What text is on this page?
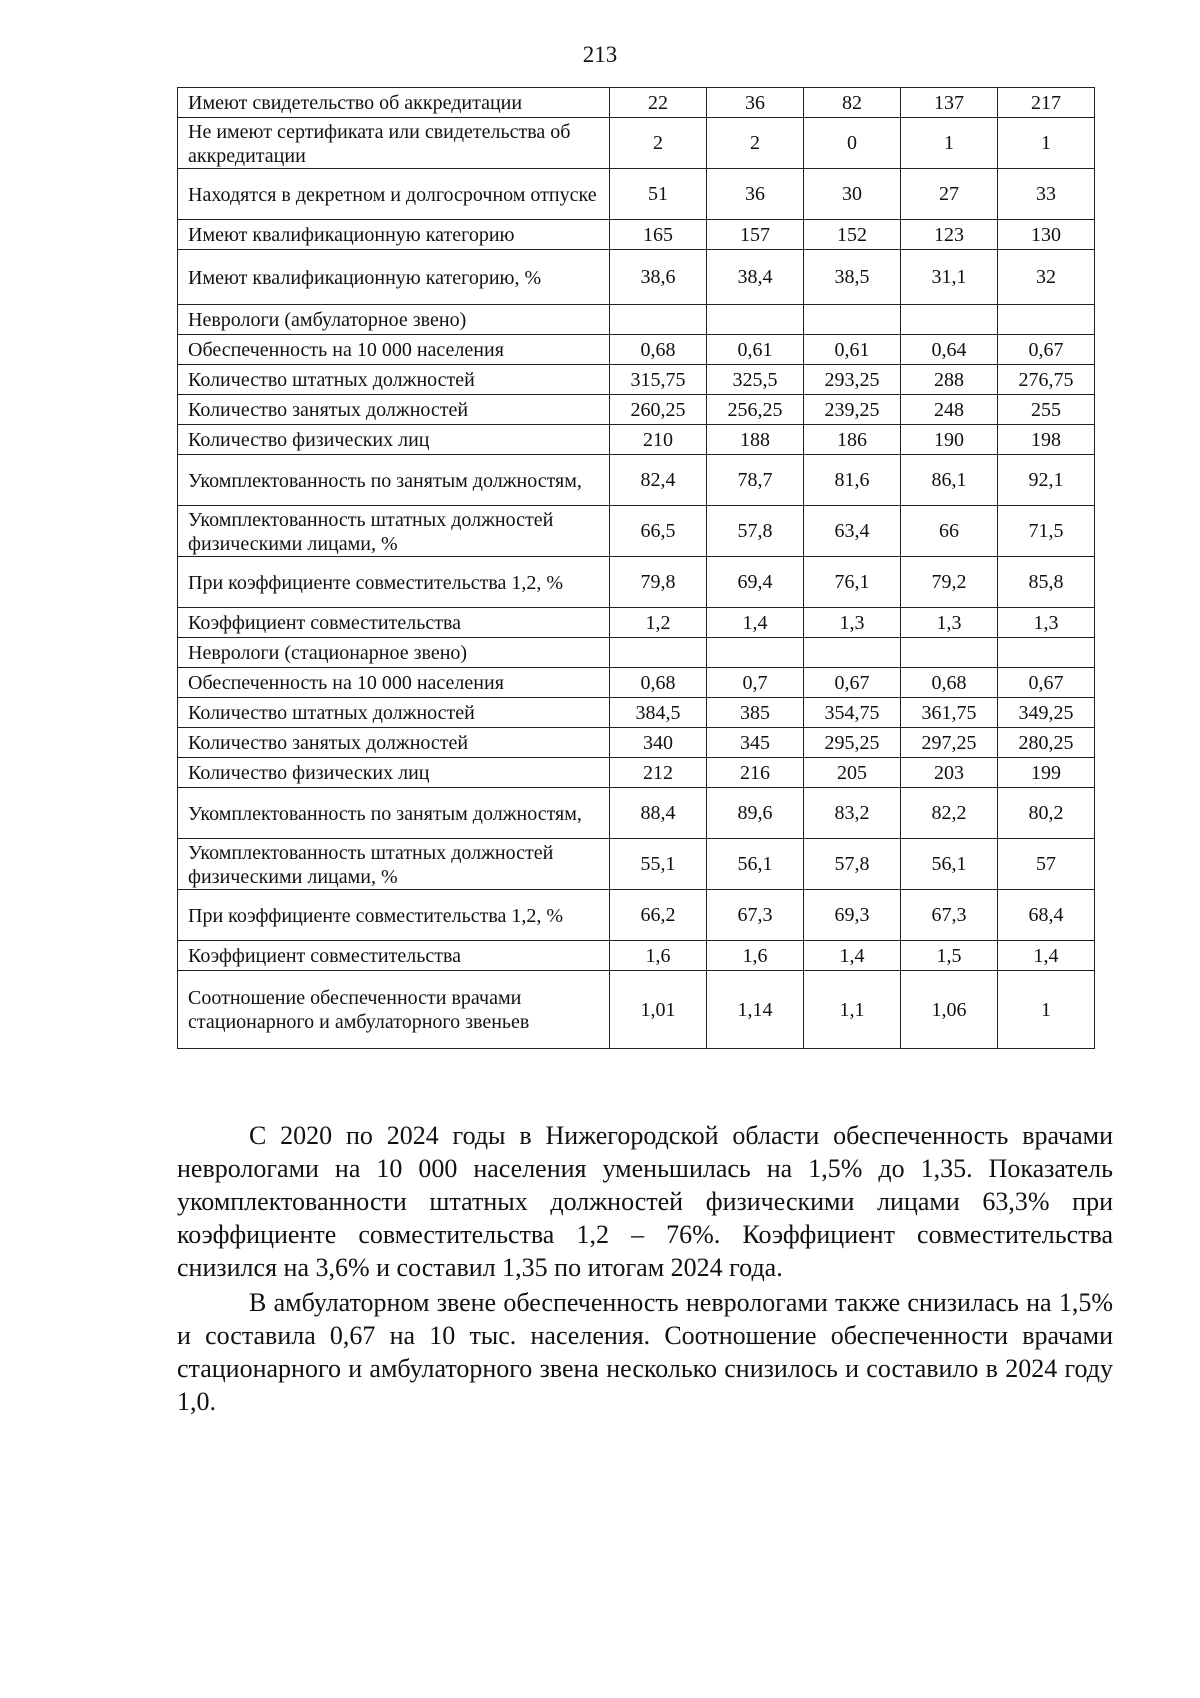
213
Имеют свидетельство об аккредитации	22	36	82	137	217
Не имеют сертификата или свидетельства об аккредитации	2	2	0	1	1
Находятся в декретном и долгосрочном отпуске	51	36	30	27	33
Имеют квалификационную категорию	165	157	152	123	130
Имеют квалификационную категорию, %	38,6	38,4	38,5	31,1	32
Неврологи (амбулаторное звено)					
Обеспеченность на 10 000 населения	0,68	0,61	0,61	0,64	0,67
Количество штатных должностей	315,75	325,5	293,25	288	276,75
Количество занятых должностей	260,25	256,25	239,25	248	255
Количество физических лиц	210	188	186	190	198
Укомплектованность по занятым должностям,	82,4	78,7	81,6	86,1	92,1
Укомплектованность штатных должностей физическими лицами, %	66,5	57,8	63,4	66	71,5
При коэффициенте совместительства 1,2, %	79,8	69,4	76,1	79,2	85,8
Коэффициент совместительства	1,2	1,4	1,3	1,3	1,3
Неврологи (стационарное звено)					
Обеспеченность на 10 000 населения	0,68	0,7	0,67	0,68	0,67
Количество штатных должностей	384,5	385	354,75	361,75	349,25
Количество занятых должностей	340	345	295,25	297,25	280,25
Количество физических лиц	212	216	205	203	199
Укомплектованность по занятым должностям,	88,4	89,6	83,2	82,2	80,2
Укомплектованность штатных должностей физическими лицами, %	55,1	56,1	57,8	56,1	57
При коэффициенте совместительства 1,2, %	66,2	67,3	69,3	67,3	68,4
Коэффициент совместительства	1,6	1,6	1,4	1,5	1,4
Соотношение обеспеченности врачами стационарного и амбулаторного звеньев	1,01	1,14	1,1	1,06	1

С 2020 по 2024 годы в Нижегородской области обеспеченность врачами неврологами на 10 000 населения уменьшилась на 1,5% до 1,35. Показатель укомплектованности штатных должностей физическими лицами 63,3% при коэффициенте совместительства 1,2 – 76%. Коэффициент совместительства снизился на 3,6% и составил 1,35 по итогам 2024 года.

В амбулаторном звене обеспеченность неврологами также снизилась на 1,5% и составила 0,67 на 10 тыс. населения. Соотношение обеспеченности врачами стационарного и амбулаторного звена несколько снизилось и составило в 2024 году 1,0.
